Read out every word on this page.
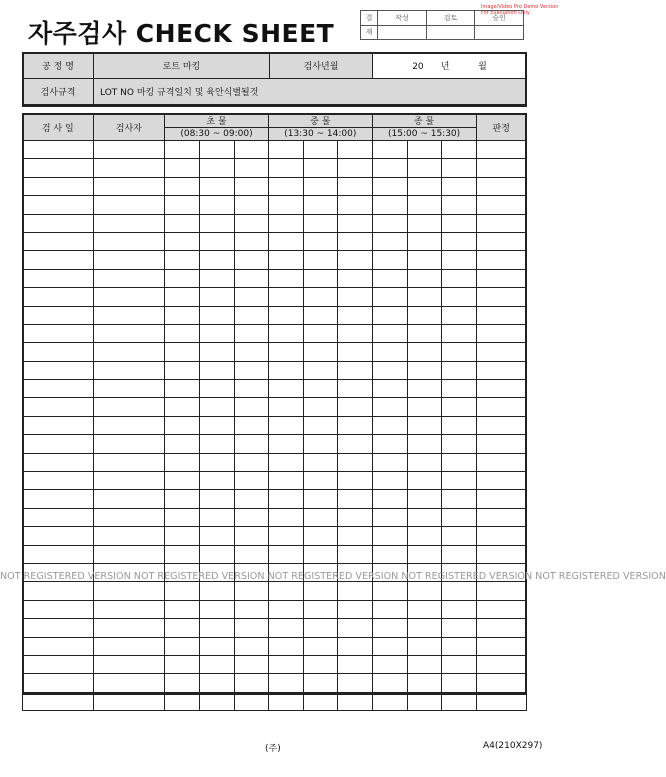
자주검사 CHECK SHEET
Image/Video Pro Demo Version
For Evaluation Only
결	작성	검토	승인
재			
공 정 명	로트 마킹	검사년월	20      년          월
검사규격	LOT NO 마킹 규격일치 및 육안식별될것		
검 사 일	검사자	초 물			중 물			종 물			판정
		(08:30 ~ 09:00)			(13:30 ~ 14:00)			(15:00 ~ 15:30)			

NOT REGISTERED VERSION NOT REGISTERED VERSION NOT REGISTERED VERSION NOT REGISTERED VERSION NOT REGISTERED VERSION
(주)	A4(210X297)
